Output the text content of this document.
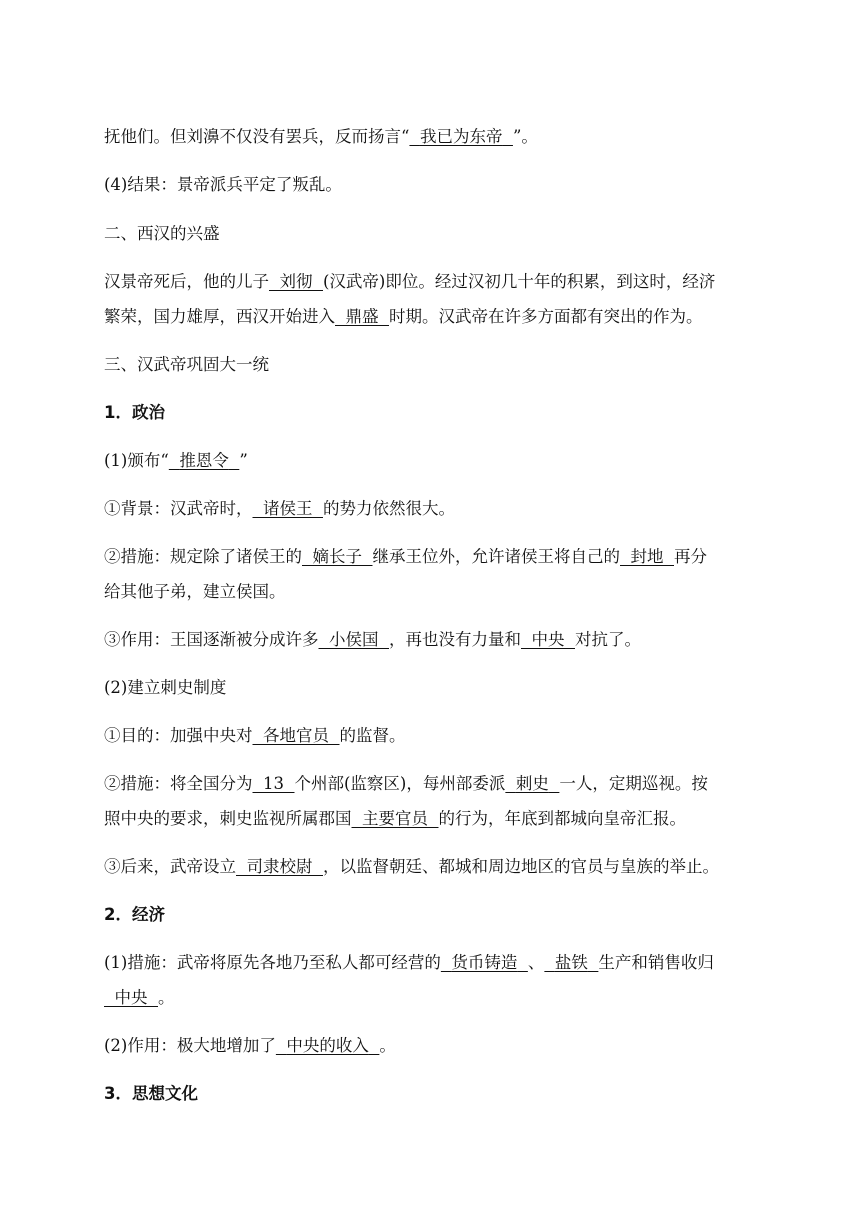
抚他们。但刘濞不仅没有罢兵，反而扬言“ 我已为东帝 ”。

(4)结果：景帝派兵平定了叛乱。

二、西汉的兴盛

汉景帝死后，他的儿子 刘彻 (汉武帝)即位。经过汉初几十年的积累，到这时，经济

繁荣，国力雄厚，西汉开始进入 鼎盛 时期。汉武帝在许多方面都有突出的作为。

三、汉武帝巩固大一统

1．政治

(1)颁布“ 推恩令 ”

①背景：汉武帝时， 诸侯王 的势力依然很大。

②措施：规定除了诸侯王的 嫡长子 继承王位外，允许诸侯王将自己的 封地 再分

给其他子弟，建立侯国。

③作用：王国逐渐被分成许多 小侯国 ，再也没有力量和 中央 对抗了。

(2)建立刺史制度

①目的：加强中央对 各地官员 的监督。

②措施：将全国分为 13 个州部(监察区)，每州部委派 刺史 一人，定期巡视。按

照中央的要求，刺史监视所属郡国 主要官员 的行为，年底到都城向皇帝汇报。

③后来，武帝设立 司隶校尉 ，以监督朝廷、都城和周边地区的官员与皇族的举止。

2．经济

(1)措施：武帝将原先各地乃至私人都可经营的 货币铸造 、 盐铁 生产和销售收归

中央 。

(2)作用：极大地增加了 中央的收入 。

3．思想文化
